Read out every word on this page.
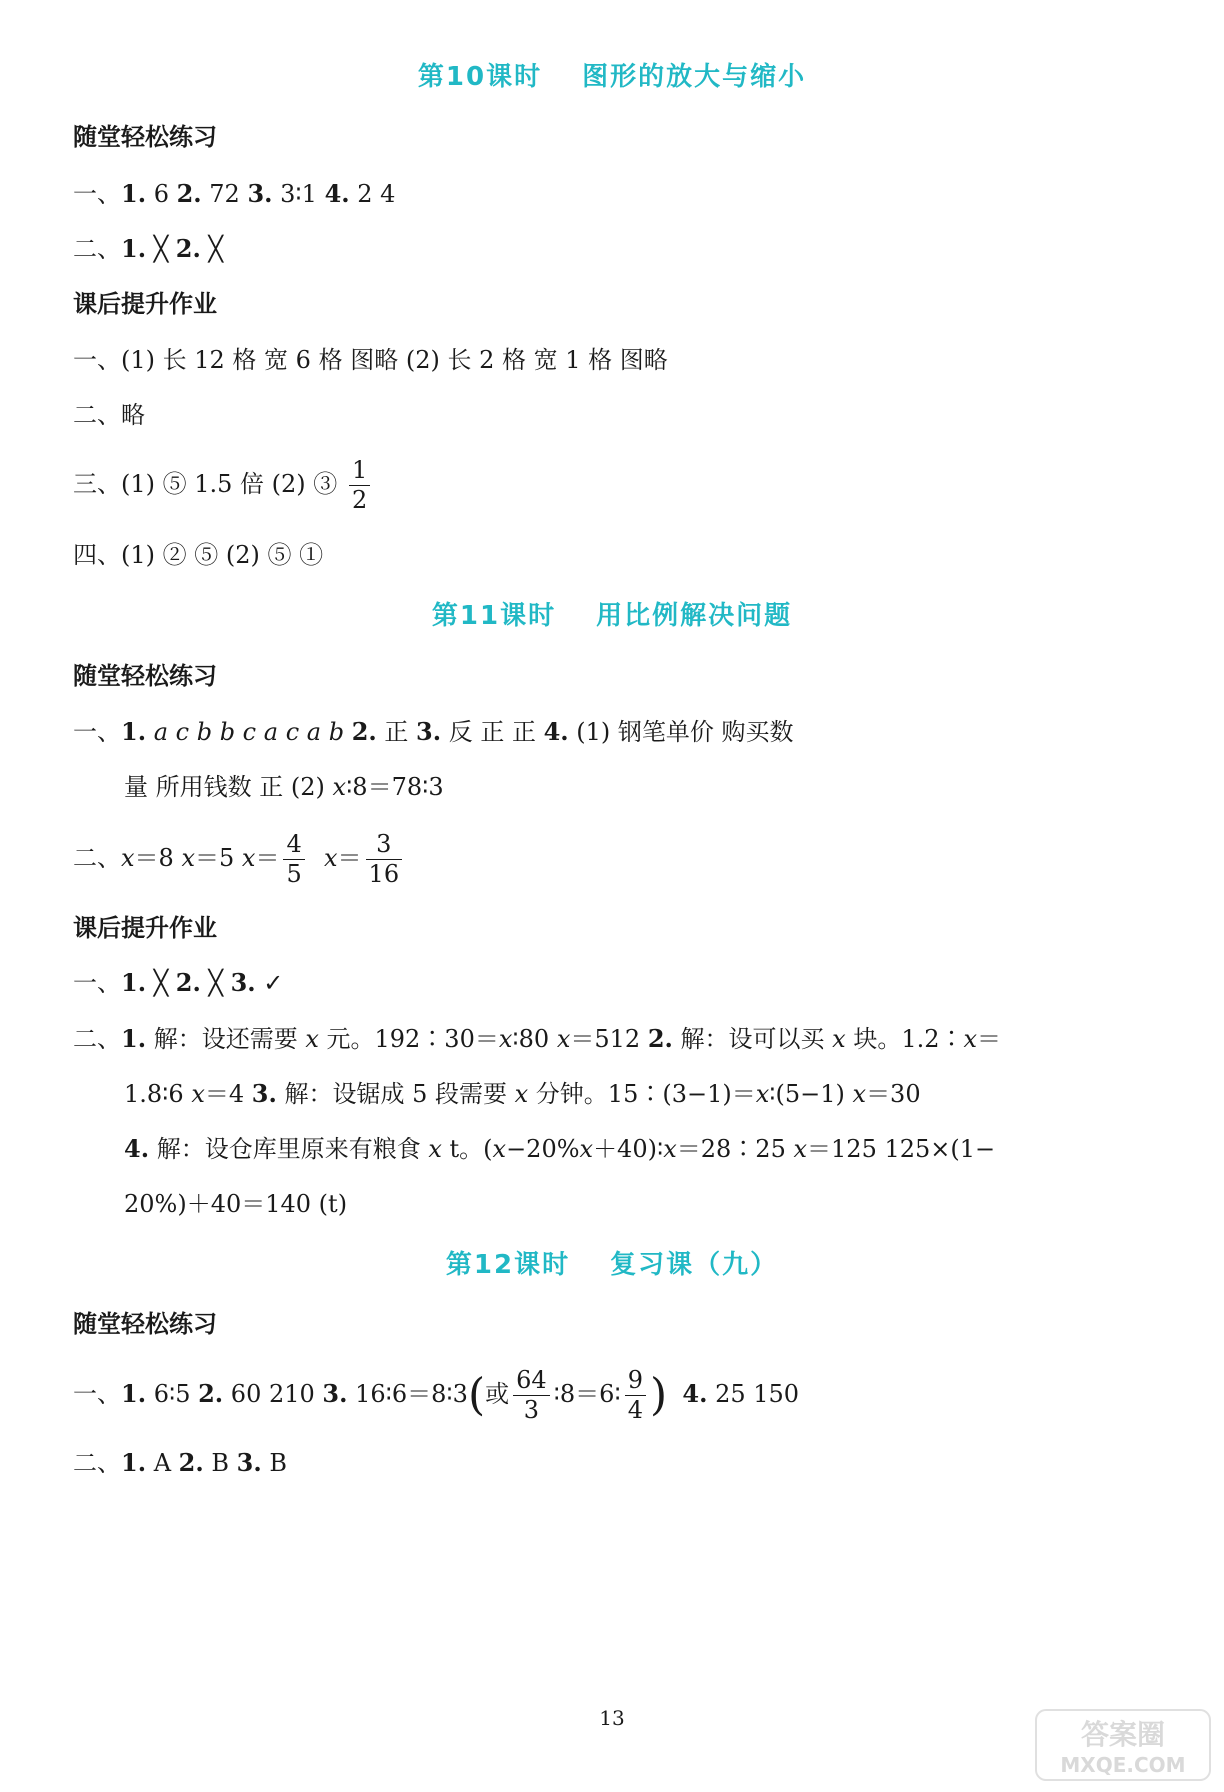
第10课时 图形的放大与缩小
随堂轻松练习
一、1. 6 2. 72 3. 3∶1 4. 2 4
二、1. ╳ 2. ╳
课后提升作业
一、(1) 长 12 格 宽 6 格 图略 (2) 长 2 格 宽 1 格 图略
二、略
三、(1) ⑤ 1.5 倍 (2) ③ $\frac{1}{2}$
四、(1) ② ⑤ (2) ⑤ ①
第11课时 用比例解决问题
随堂轻松练习
一、1. a c b b c a c a b 2. 正 3. 反 正 正 4. (1) 钢笔单价 购买数
量 所用钱数 正 (2) x∶8＝78∶3
二、x＝8 x＝5 $x= \frac{4}{5} x= \frac{3}{16}$
课后提升作业
一、1. ╳ 2. ╳ 3. ✓
二、1. 解：设还需要 x 元。192∶30＝x∶80 x＝512 2. 解：设可以买 x 块。1.2∶x＝
1.8∶6 x＝4 3. 解：设锯成 5 段需要 x 分钟。15∶(3−1)＝x∶(5−1) x＝30
4. 解：设仓库里原来有粮食 x t。(x−20%x＋40)∶x＝28∶25 x＝125 125×(1−
20%)＋40＝140 (t)
第12课时 复习课（九）
随堂轻松练习
一、1. 6∶5 2. 60 210 3. 16∶6＝8∶3(或 $\frac{64}{3}$ ∶8＝6∶ $\frac{9}{4}$ ) 4. 25 150
二、1. A 2. B 3. B
13	答案圈
MXQE.COM
